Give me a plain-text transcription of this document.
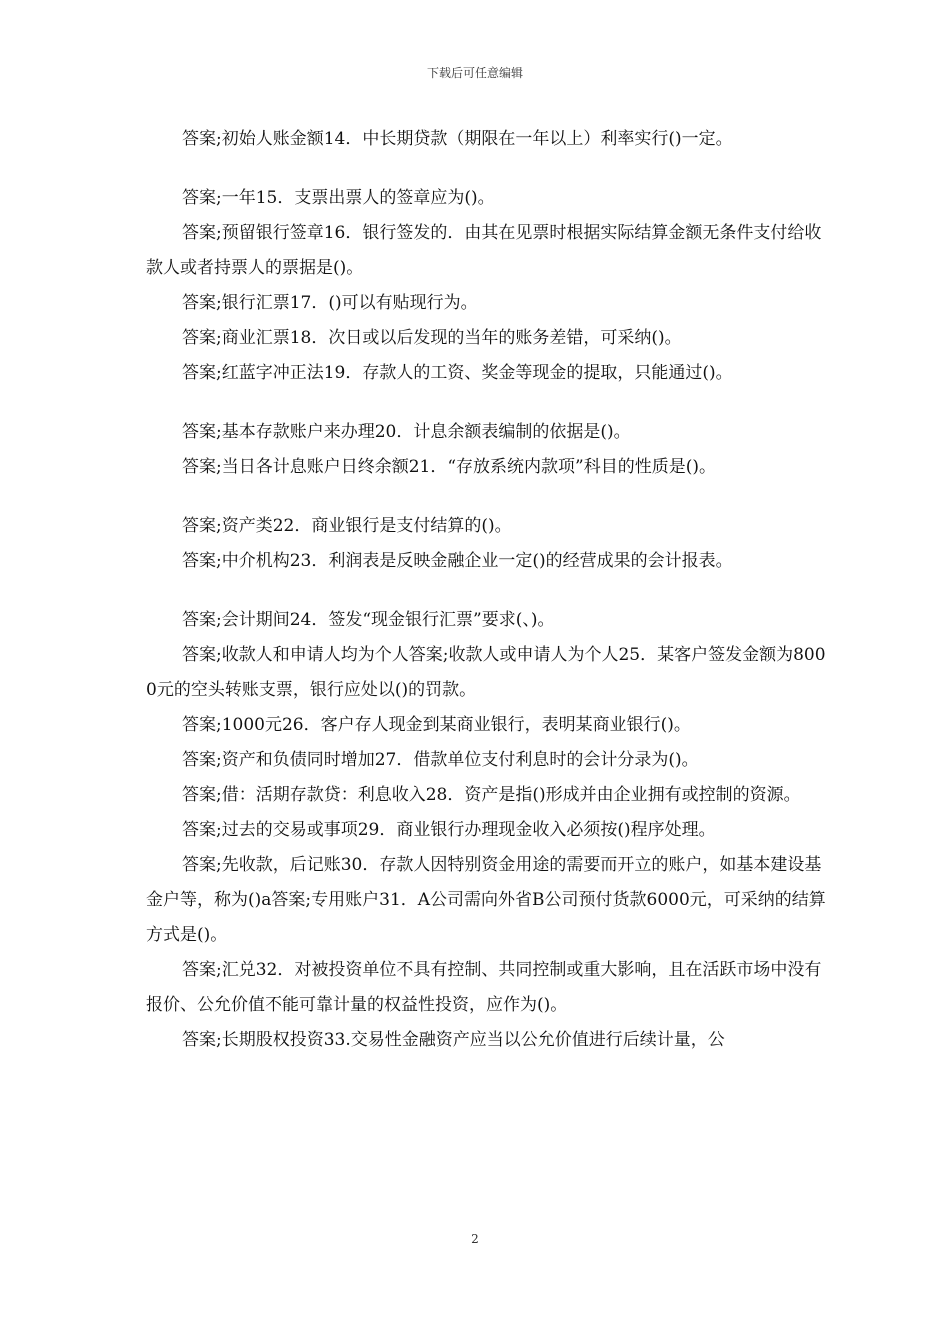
下载后可任意编辑

答案;初始人账金额14．中长期贷款（期限在一年以上）利率实行()一定。

答案;一年15．支票出票人的签章应为()。

答案;预留银行签章16．银行签发的．由其在见票时根据实际结算金额无条件支付给收款人或者持票人的票据是()。

答案;银行汇票17．()可以有贴现行为。

答案;商业汇票18．次日或以后发现的当年的账务差错，可采纳()。

答案;红蓝字冲正法19．存款人的工资、奖金等现金的提取，只能通过()。

答案;基本存款账户来办理20．计息余额表编制的依据是()。

答案;当日各计息账户日终余额21．“存放系统内款项”科目的性质是()。

答案;资产类22．商业银行是支付结算的()。

答案;中介机构23．利润表是反映金融企业一定()的经营成果的会计报表。

答案;会计期间24．签发“现金银行汇票”要求(、)。

答案;收款人和申请人均为个人答案;收款人或申请人为个人25．某客户签发金额为8000元的空头转账支票，银行应处以()的罚款。

答案;1000元26．客户存人现金到某商业银行，表明某商业银行()。

答案;资产和负债同时增加27．借款单位支付利息时的会计分录为()。

答案;借：活期存款贷：利息收入28．资产是指()形成并由企业拥有或控制的资源。

答案;过去的交易或事项29．商业银行办理现金收入必须按()程序处理。

答案;先收款，后记账30．存款人因特别资金用途的需要而开立的账户，如基本建设基金户等，称为()a答案;专用账户31．A公司需向外省B公司预付货款6000元，可采纳的结算方式是()。

答案;汇兑32．对被投资单位不具有控制、共同控制或重大影响，且在活跃市场中没有报价、公允价值不能可靠计量的权益性投资，应作为()。

答案;长期股权投资33.交易性金融资产应当以公允价值进行后续计量，公

2
